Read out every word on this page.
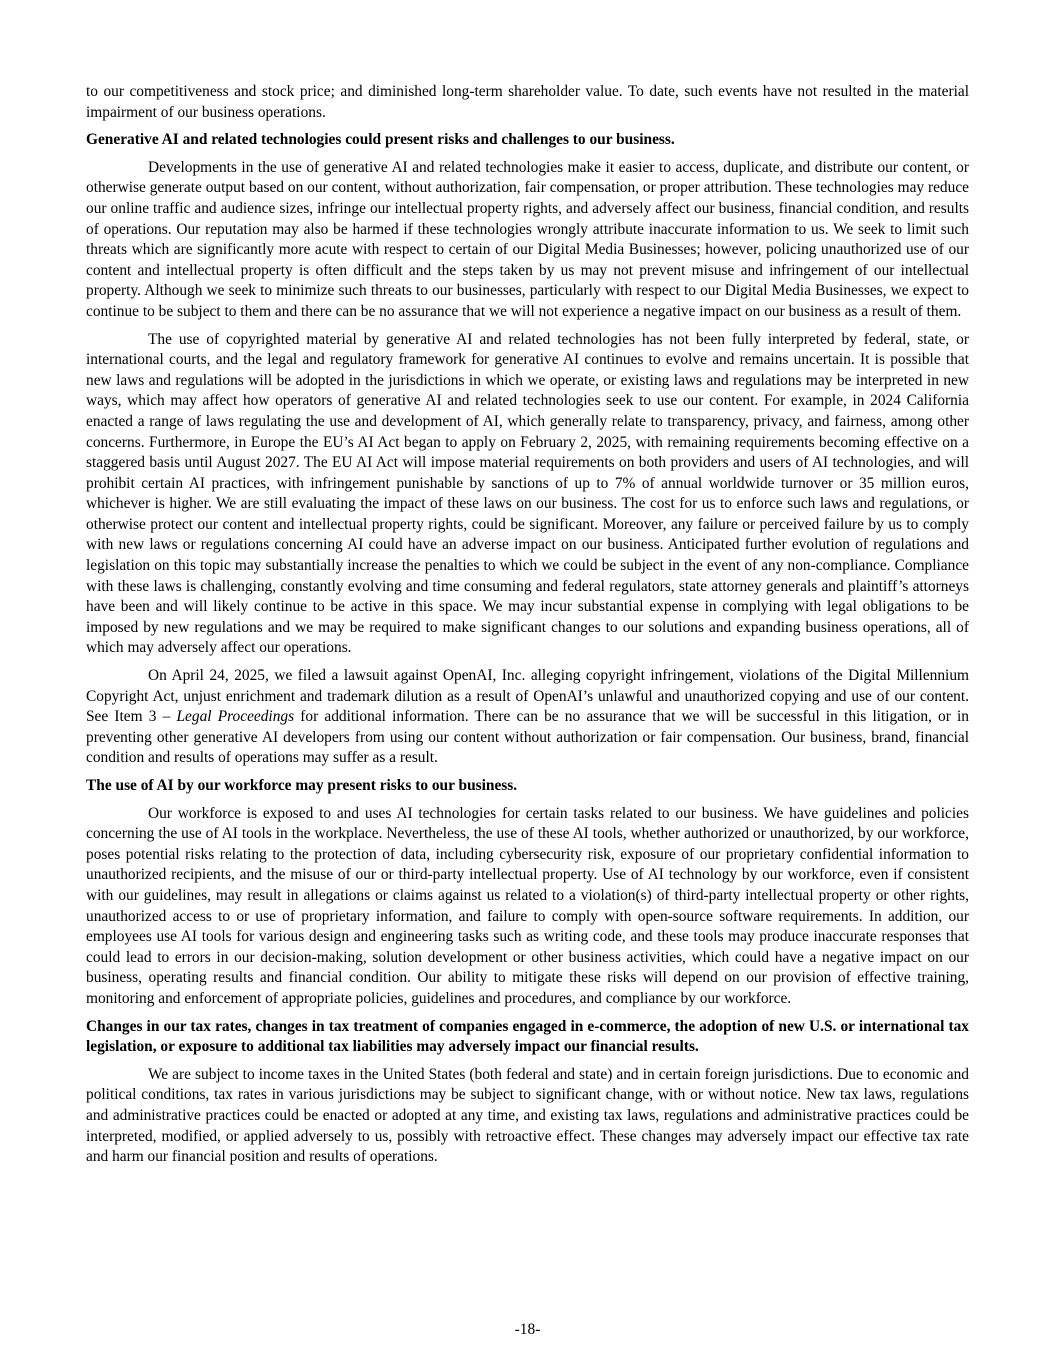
to our competitiveness and stock price; and diminished long-term shareholder value. To date, such events have not resulted in the material impairment of our business operations.

Generative AI and related technologies could present risks and challenges to our business.

Developments in the use of generative AI and related technologies make it easier to access, duplicate, and distribute our content, or otherwise generate output based on our content, without authorization, fair compensation, or proper attribution. These technologies may reduce our online traffic and audience sizes, infringe our intellectual property rights, and adversely affect our business, financial condition, and results of operations. Our reputation may also be harmed if these technologies wrongly attribute inaccurate information to us. We seek to limit such threats which are significantly more acute with respect to certain of our Digital Media Businesses; however, policing unauthorized use of our content and intellectual property is often difficult and the steps taken by us may not prevent misuse and infringement of our intellectual property. Although we seek to minimize such threats to our businesses, particularly with respect to our Digital Media Businesses, we expect to continue to be subject to them and there can be no assurance that we will not experience a negative impact on our business as a result of them.

The use of copyrighted material by generative AI and related technologies has not been fully interpreted by federal, state, or international courts, and the legal and regulatory framework for generative AI continues to evolve and remains uncertain. It is possible that new laws and regulations will be adopted in the jurisdictions in which we operate, or existing laws and regulations may be interpreted in new ways, which may affect how operators of generative AI and related technologies seek to use our content. For example, in 2024 California enacted a range of laws regulating the use and development of AI, which generally relate to transparency, privacy, and fairness, among other concerns. Furthermore, in Europe the EU’s AI Act began to apply on February 2, 2025, with remaining requirements becoming effective on a staggered basis until August 2027. The EU AI Act will impose material requirements on both providers and users of AI technologies, and will prohibit certain AI practices, with infringement punishable by sanctions of up to 7% of annual worldwide turnover or 35 million euros, whichever is higher. We are still evaluating the impact of these laws on our business. The cost for us to enforce such laws and regulations, or otherwise protect our content and intellectual property rights, could be significant. Moreover, any failure or perceived failure by us to comply with new laws or regulations concerning AI could have an adverse impact on our business. Anticipated further evolution of regulations and legislation on this topic may substantially increase the penalties to which we could be subject in the event of any non-compliance. Compliance with these laws is challenging, constantly evolving and time consuming and federal regulators, state attorney generals and plaintiff’s attorneys have been and will likely continue to be active in this space. We may incur substantial expense in complying with legal obligations to be imposed by new regulations and we may be required to make significant changes to our solutions and expanding business operations, all of which may adversely affect our operations.

On April 24, 2025, we filed a lawsuit against OpenAI, Inc. alleging copyright infringement, violations of the Digital Millennium Copyright Act, unjust enrichment and trademark dilution as a result of OpenAI’s unlawful and unauthorized copying and use of our content. See Item 3 – Legal Proceedings for additional information. There can be no assurance that we will be successful in this litigation, or in preventing other generative AI developers from using our content without authorization or fair compensation. Our business, brand, financial condition and results of operations may suffer as a result.

The use of AI by our workforce may present risks to our business.

Our workforce is exposed to and uses AI technologies for certain tasks related to our business. We have guidelines and policies concerning the use of AI tools in the workplace. Nevertheless, the use of these AI tools, whether authorized or unauthorized, by our workforce, poses potential risks relating to the protection of data, including cybersecurity risk, exposure of our proprietary confidential information to unauthorized recipients, and the misuse of our or third-party intellectual property. Use of AI technology by our workforce, even if consistent with our guidelines, may result in allegations or claims against us related to a violation(s) of third-party intellectual property or other rights, unauthorized access to or use of proprietary information, and failure to comply with open-source software requirements. In addition, our employees use AI tools for various design and engineering tasks such as writing code, and these tools may produce inaccurate responses that could lead to errors in our decision-making, solution development or other business activities, which could have a negative impact on our business, operating results and financial condition. Our ability to mitigate these risks will depend on our provision of effective training, monitoring and enforcement of appropriate policies, guidelines and procedures, and compliance by our workforce.

Changes in our tax rates, changes in tax treatment of companies engaged in e-commerce, the adoption of new U.S. or international tax legislation, or exposure to additional tax liabilities may adversely impact our financial results.

We are subject to income taxes in the United States (both federal and state) and in certain foreign jurisdictions. Due to economic and political conditions, tax rates in various jurisdictions may be subject to significant change, with or without notice. New tax laws, regulations and administrative practices could be enacted or adopted at any time, and existing tax laws, regulations and administrative practices could be interpreted, modified, or applied adversely to us, possibly with retroactive effect. These changes may adversely impact our effective tax rate and harm our financial position and results of operations.

-18-
